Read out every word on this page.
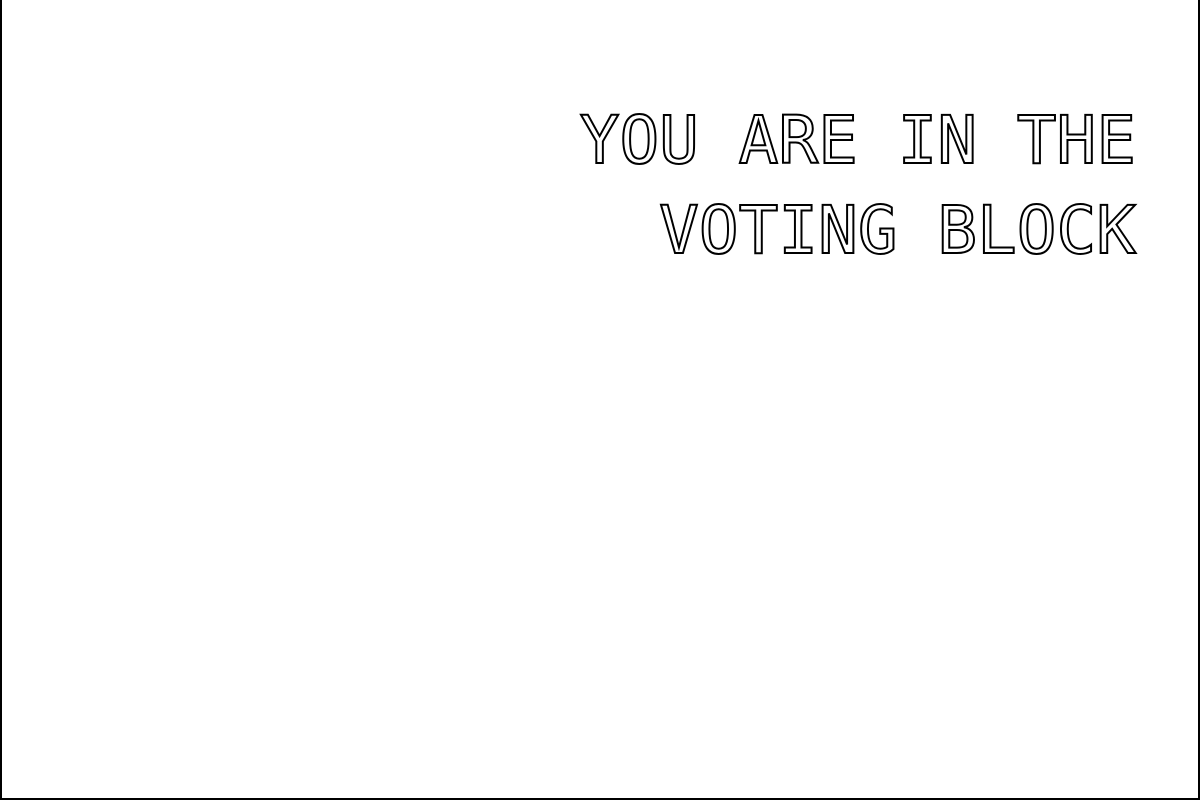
YOU ARE IN THE
VOTING BLOCK
